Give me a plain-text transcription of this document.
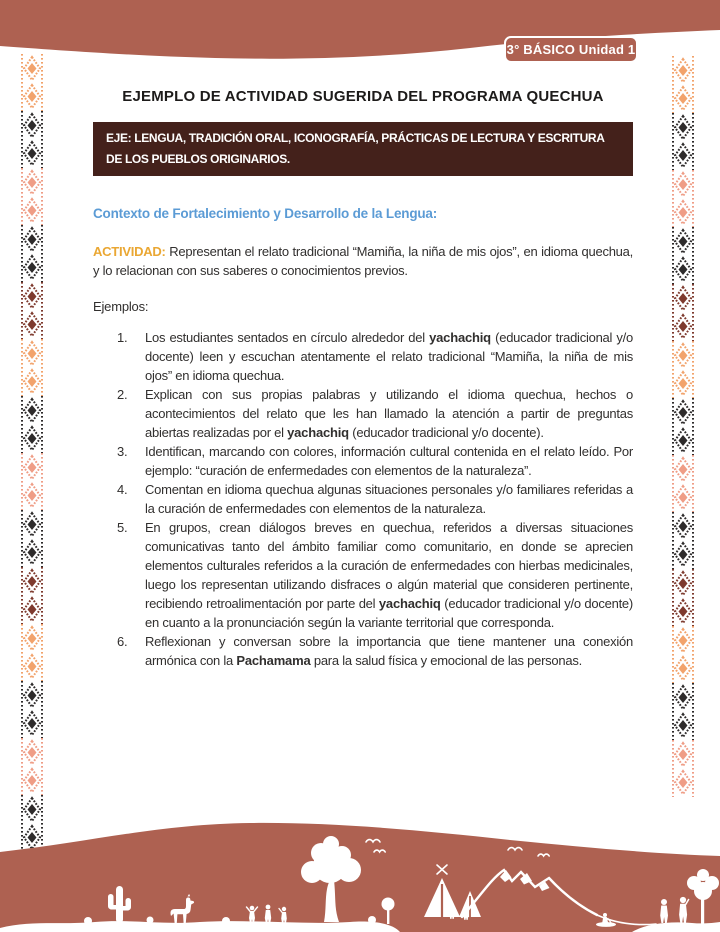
3° BÁSICO Unidad 1
EJEMPLO DE ACTIVIDAD SUGERIDA DEL PROGRAMA QUECHUA
EJE: LENGUA, TRADICIÓN ORAL, ICONOGRAFÍA, PRÁCTICAS DE LECTURA Y ESCRITURA DE LOS PUEBLOS ORIGINARIOS.
Contexto de Fortalecimiento y Desarrollo de la Lengua:

ACTIVIDAD: Representan el relato tradicional “Mamiña, la niña de mis ojos”, en idioma quechua, y lo relacionan con sus saberes o conocimientos previos.

Ejemplos:
1. Los estudiantes sentados en círculo alrededor del yachachiq (educador tradicional y/o docente) leen y escuchan atentamente el relato tradicional “Mamiña, la niña de mis ojos” en idioma quechua.
2. Explican con sus propias palabras y utilizando el idioma quechua, hechos o acontecimientos del relato que les han llamado la atención a partir de preguntas abiertas realizadas por el yachachiq (educador tradicional y/o docente).
3. Identifican, marcando con colores, información cultural contenida en el relato leído. Por ejemplo: “curación de enfermedades con elementos de la naturaleza”.
4. Comentan en idioma quechua algunas situaciones personales y/o familiares referidas a la curación de enfermedades con elementos de la naturaleza.
5. En grupos, crean diálogos breves en quechua, referidos a diversas situaciones comunicativas tanto del ámbito familiar como comunitario, en donde se aprecien elementos culturales referidos a la curación de enfermedades con hierbas medicinales, luego los representan utilizando disfraces o algún material que consideren pertinente, recibiendo retroalimentación por parte del yachachiq (educador tradicional y/o docente) en cuanto a la pronunciación según la variante territorial que corresponda.
6. Reflexionan y conversan sobre la importancia que tiene mantener una conexión armónica con la Pachamama para la salud física y emocional de las personas.
